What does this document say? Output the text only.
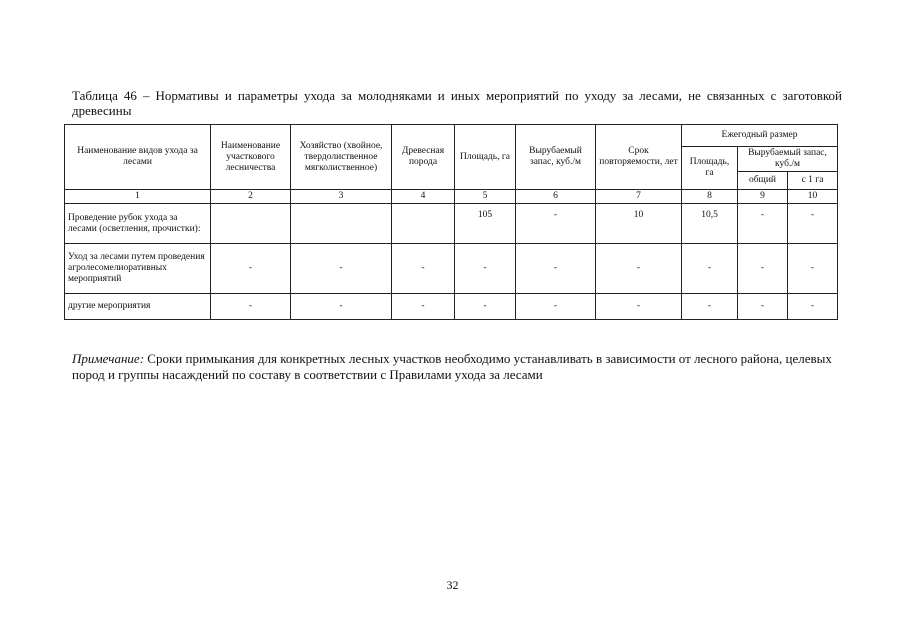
Таблица 46 – Нормативы и параметры ухода за молодняками и иных мероприятий по уходу за лесами, не связанных с заготовкой древесины
Наименование видов ухода за лесами	Наименование участкового лесничества	Хозяйство (хвойное, твердолиственное мягколиственное)	Древесная порода	Площадь, га	Вырубаемый запас, куб./м	Срок повторяемости, лет	Ежегодный размер		
							Площадь, га	Вырубаемый запас, куб./м	
								общий	с 1 га
1	2	3	4	5	6	7	8	9	10
Проведение рубок ухода за лесами (осветления, прочистки):				105	-	10	10,5	-	-
Уход за лесами путем проведения агролесомелиоративных мероприятий	-	-	-	-	-	-	-	-	-
другие мероприятия	-	-	-	-	-	-	-	-	-
Примечание: Сроки примыкания для конкретных лесных участков необходимо устанавливать в зависимости от лесного района, целевых пород и группы насаждений по составу в соответствии с Правилами ухода за лесами
32
